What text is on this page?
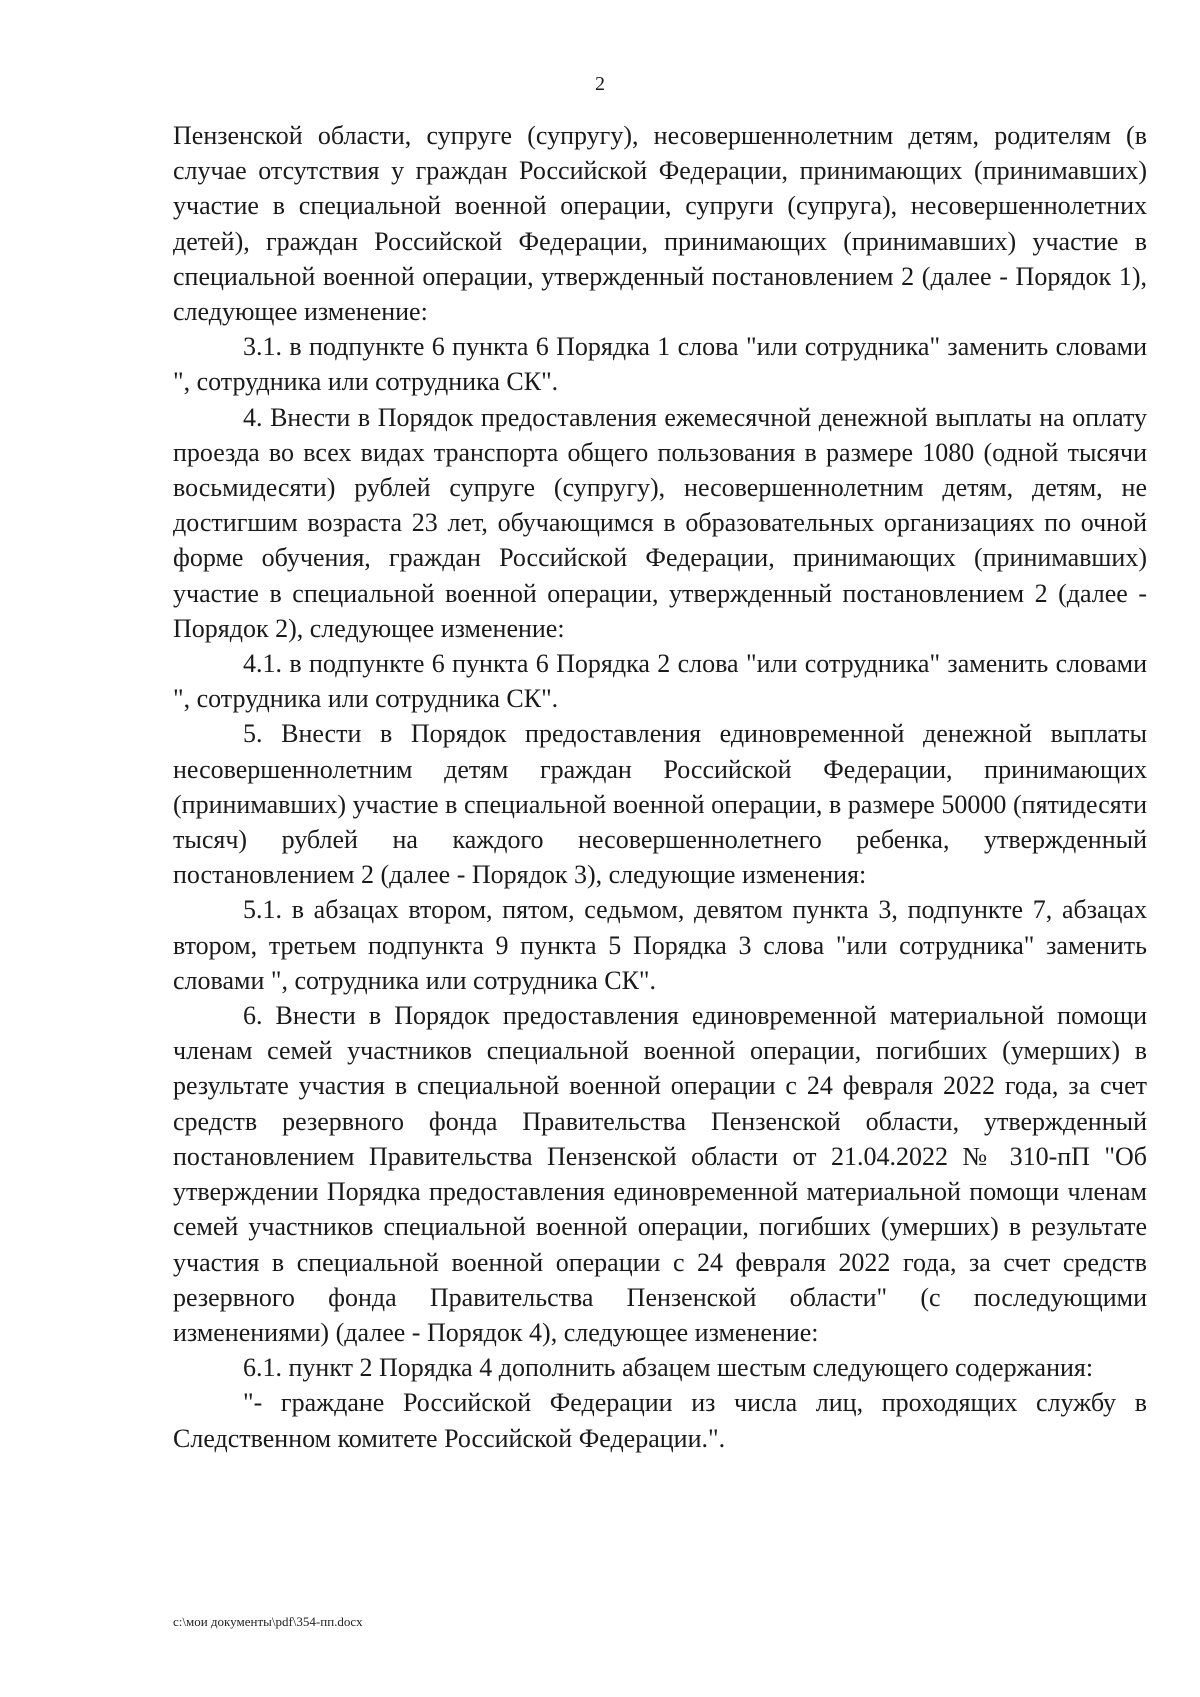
2

Пензенской области, супруге (супругу), несовершеннолетним детям, родителям (в случае отсутствия у граждан Российской Федерации, принимающих (принимавших) участие в специальной военной операции, супруги (супруга), несовершеннолетних детей), граждан Российской Федерации, принимающих (принимавших) участие в специальной военной операции, утвержденный постановлением 2 (далее - Порядок 1), следующее изменение:

3.1. в подпункте 6 пункта 6 Порядка 1 слова "или сотрудника" заменить словами ", сотрудника или сотрудника СК".

4. Внести в Порядок предоставления ежемесячной денежной выплаты на оплату проезда во всех видах транспорта общего пользования в размере 1080 (одной тысячи восьмидесяти) рублей супруге (супругу), несовершеннолетним детям, детям, не достигшим возраста 23 лет, обучающимся в образовательных организациях по очной форме обучения, граждан Российской Федерации, принимающих (принимавших) участие в специальной военной операции, утвержденный постановлением 2 (далее - Порядок 2), следующее изменение:

4.1. в подпункте 6 пункта 6 Порядка 2 слова "или сотрудника" заменить словами ", сотрудника или сотрудника СК".

5. Внести в Порядок предоставления единовременной денежной выплаты несовершеннолетним детям граждан Российской Федерации, принимающих (принимавших) участие в специальной военной операции, в размере 50000 (пятидесяти тысяч) рублей на каждого несовершеннолетнего ребенка, утвержденный постановлением 2 (далее - Порядок 3), следующие изменения:

5.1. в абзацах втором, пятом, седьмом, девятом пункта 3, подпункте 7, абзацах втором, третьем подпункта 9 пункта 5 Порядка 3 слова "или сотрудника" заменить словами ", сотрудника или сотрудника СК".

6. Внести в Порядок предоставления единовременной материальной помощи членам семей участников специальной военной операции, погибших (умерших) в результате участия в специальной военной операции с 24 февраля 2022 года, за счет средств резервного фонда Правительства Пензенской области, утвержденный постановлением Правительства Пензенской области от 21.04.2022 № 310-пП "Об утверждении Порядка предоставления единовременной материальной помощи членам семей участников специальной военной операции, погибших (умерших) в результате участия в специальной военной операции с 24 февраля 2022 года, за счет средств резервного фонда Правительства Пензенской области" (с последующими изменениями) (далее - Порядок 4), следующее изменение:

6.1. пункт 2 Порядка 4 дополнить абзацем шестым следующего содержания:

"- граждане Российской Федерации из числа лиц, проходящих службу в Следственном комитете Российской Федерации.".

c:\мои документы\pdf\354-пп.docx
